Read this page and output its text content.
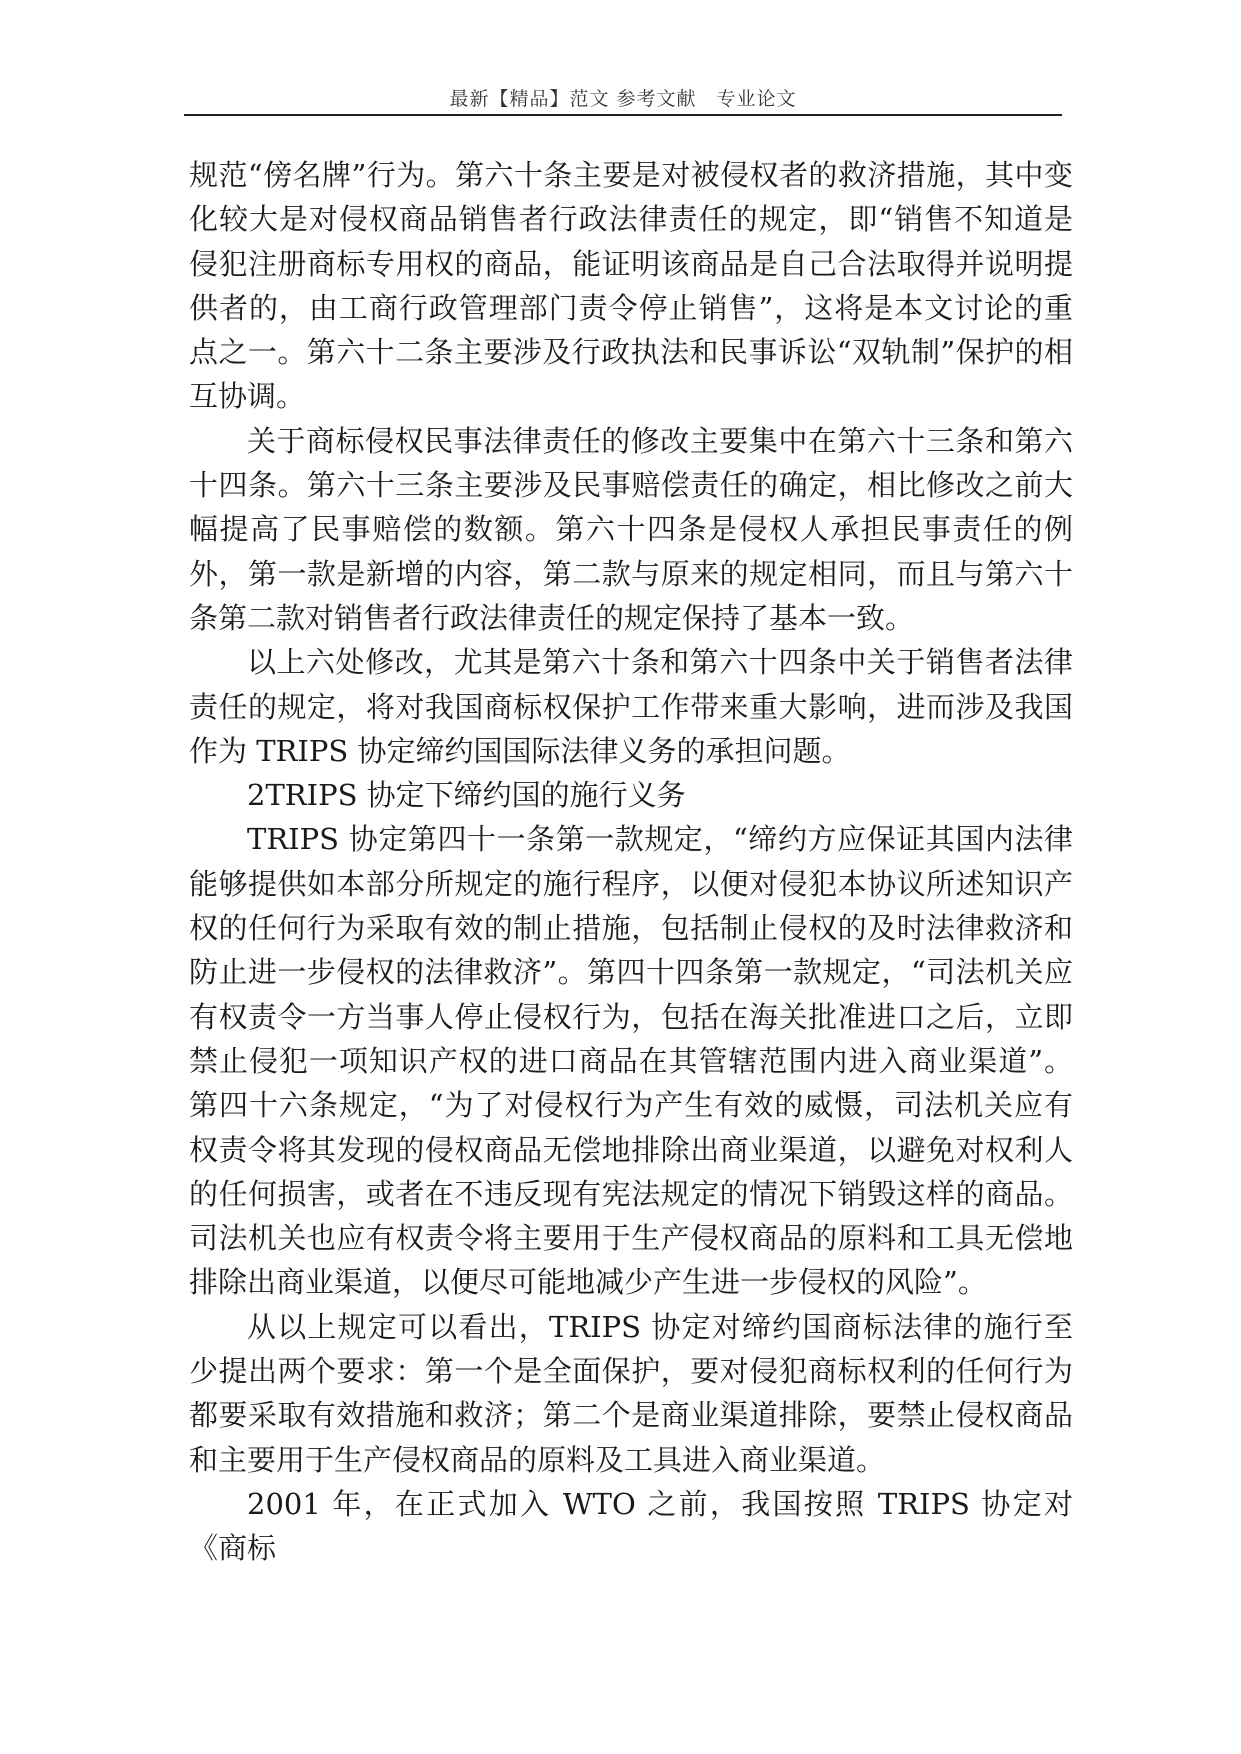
最新【精品】范文 参考文献　专业论文

规范“傍名牌”行为。第六十条主要是对被侵权者的救济措施，其中变化较大是对侵权商品销售者行政法律责任的规定，即“销售不知道是侵犯注册商标专用权的商品，能证明该商品是自己合法取得并说明提供者的，由工商行政管理部门责令停止销售”，这将是本文讨论的重点之一。第六十二条主要涉及行政执法和民事诉讼“双轨制”保护的相互协调。

关于商标侵权民事法律责任的修改主要集中在第六十三条和第六十四条。第六十三条主要涉及民事赔偿责任的确定，相比修改之前大幅提高了民事赔偿的数额。第六十四条是侵权人承担民事责任的例外，第一款是新增的内容，第二款与原来的规定相同，而且与第六十条第二款对销售者行政法律责任的规定保持了基本一致。

以上六处修改，尤其是第六十条和第六十四条中关于销售者法律责任的规定，将对我国商标权保护工作带来重大影响，进而涉及我国作为 TRIPS 协定缔约国国际法律义务的承担问题。

2TRIPS 协定下缔约国的施行义务

TRIPS 协定第四十一条第一款规定，“缔约方应保证其国内法律能够提供如本部分所规定的施行程序，以便对侵犯本协议所述知识产权的任何行为采取有效的制止措施，包括制止侵权的及时法律救济和防止进一步侵权的法律救济”。第四十四条第一款规定，“司法机关应有权责令一方当事人停止侵权行为，包括在海关批准进口之后，立即禁止侵犯一项知识产权的进口商品在其管辖范围内进入商业渠道”。第四十六条规定，“为了对侵权行为产生有效的威慑，司法机关应有权责令将其发现的侵权商品无偿地排除出商业渠道，以避免对权利人的任何损害，或者在不违反现有宪法规定的情况下销毁这样的商品。司法机关也应有权责令将主要用于生产侵权商品的原料和工具无偿地排除出商业渠道，以便尽可能地减少产生进一步侵权的风险”。

从以上规定可以看出，TRIPS 协定对缔约国商标法律的施行至少提出两个要求：第一个是全面保护，要对侵犯商标权利的任何行为都要采取有效措施和救济；第二个是商业渠道排除，要禁止侵权商品和主要用于生产侵权商品的原料及工具进入商业渠道。

2001 年，在正式加入 WTO 之前，我国按照 TRIPS 协定对《商标
